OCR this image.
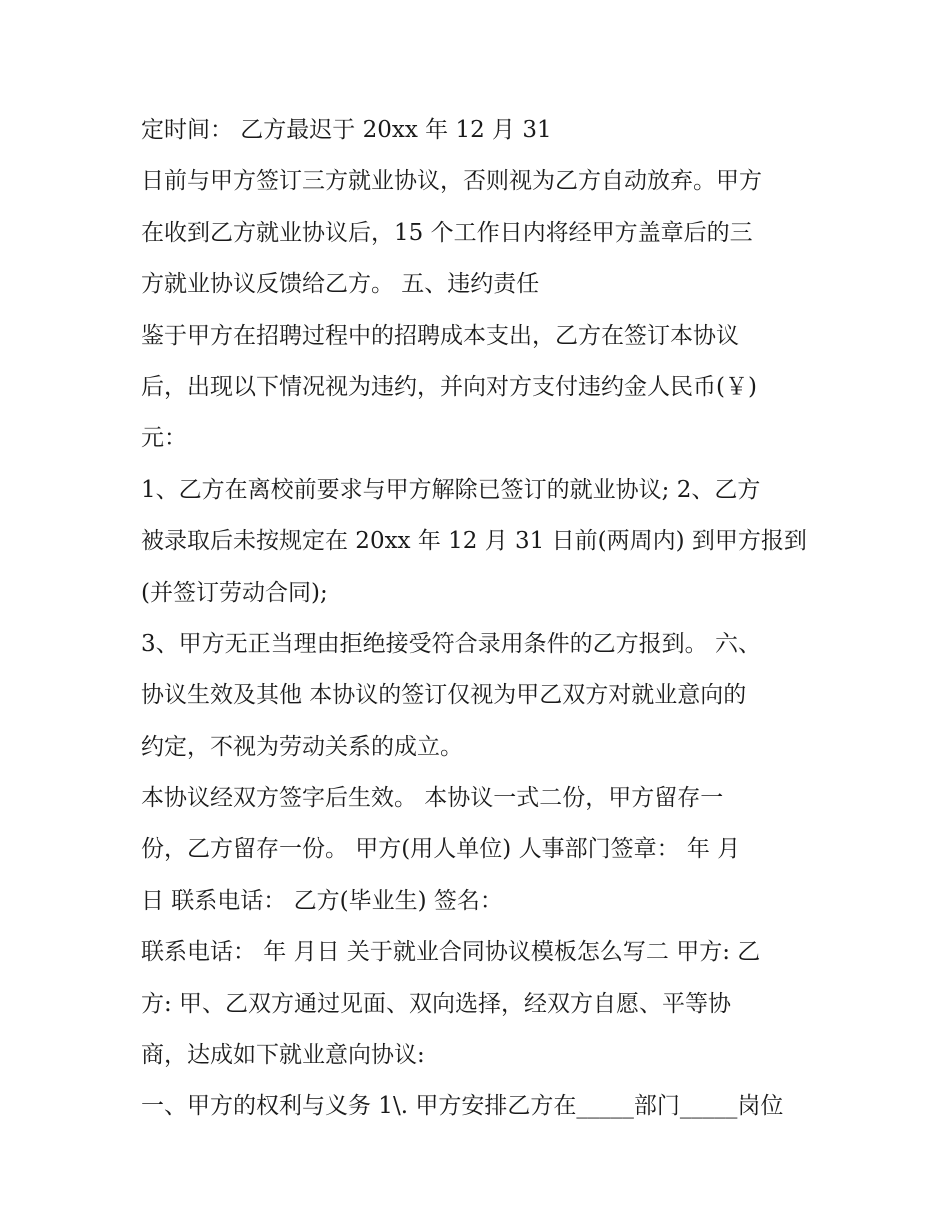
定时间： 乙方最迟于 20xx 年 12 月 31
日前与甲方签订三方就业协议，否则视为乙方自动放弃。甲方
在收到乙方就业协议后，15 个工作日内将经甲方盖章后的三
方就业协议反馈给乙方。 五、违约责任
鉴于甲方在招聘过程中的招聘成本支出，乙方在签订本协议
后，出现以下情况视为违约，并向对方支付违约金人民币(￥)
元：
1、乙方在离校前要求与甲方解除已签订的就业协议; 2、乙方
被录取后未按规定在 20xx 年 12 月 31 日前(两周内) 到甲方报到
(并签订劳动合同);
3、甲方无正当理由拒绝接受符合录用条件的乙方报到。 六、
协议生效及其他 本协议的签订仅视为甲乙双方对就业意向的
约定，不视为劳动关系的成立。
本协议经双方签字后生效。 本协议一式二份，甲方留存一
份，乙方留存一份。 甲方(用人单位) 人事部门签章： 年 月
日 联系电话： 乙方(毕业生) 签名：
联系电话： 年 月日 关于就业合同协议模板怎么写二 甲方: 乙
方: 甲、乙双方通过见面、双向选择，经双方自愿、平等协
商，达成如下就业意向协议:
一、甲方的权利与义务 1\. 甲方安排乙方在_____部门_____岗位
